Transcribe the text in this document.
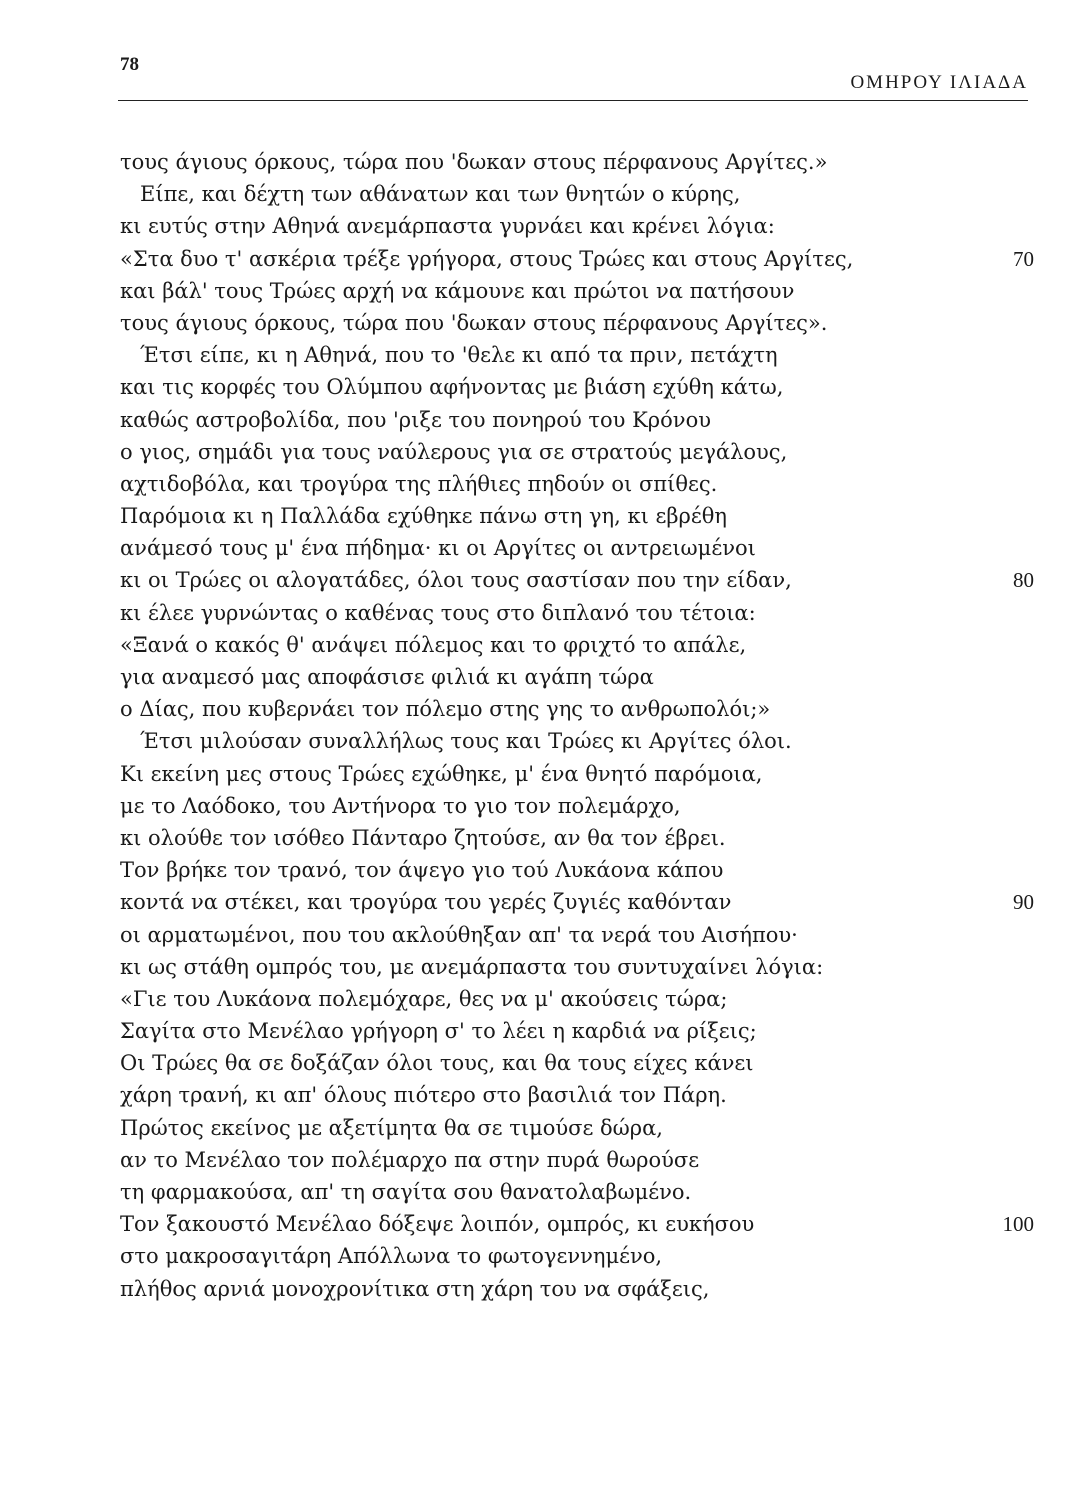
78
ΟΜΗΡΟΥ ΙΛΙΑΔΑ
τους άγιους όρκους, τώρα που 'δωκαν στους πέρφανους Αργίτες.»
Είπε, και δέχτη των αθάνατων και των θνητών ο κύρης,
κι ευτύς στην Αθηνά ανεμάρπαστα γυρνάει και κρένει λόγια:
«Στα δυο τ' ασκέρια τρέξε γρήγορα, στους Τρώες και στους Αργίτες,	70
και βάλ' τους Τρώες αρχή να κάμουνε και πρώτοι να πατήσουν
τους άγιους όρκους, τώρα που 'δωκαν στους πέρφανους Αργίτες».
Έτσι είπε, κι η Αθηνά, που το 'θελε κι από τα πριν, πετάχτη
και τις κορφές του Ολύμπου αφήνοντας με βιάση εχύθη κάτω,
καθώς αστροβολίδα, που 'ριξε του πονηρού του Κρόνου
ο γιος, σημάδι για τους ναύλερους για σε στρατούς μεγάλους,
αχτιδοβόλα, και τρογύρα της πλήθιες πηδούν οι σπίθες.
Παρόμοια κι η Παλλάδα εχύθηκε πάνω στη γη, κι εβρέθη
ανάμεσό τους μ' ένα πήδημα· κι οι Αργίτες οι αντρειωμένοι
κι οι Τρώες οι αλογατάδες, όλοι τους σαστίσαν που την είδαν,	80
κι έλεε γυρνώντας ο καθένας τους στο διπλανό του τέτοια:
«Ξανά ο κακός θ' ανάψει πόλεμος και το φριχτό το απάλε,
για αναμεσό μας αποφάσισε φιλιά κι αγάπη τώρα
ο Δίας, που κυβερνάει τον πόλεμο στης γης το ανθρωπολόι;»
Έτσι μιλούσαν συναλλήλως τους και Τρώες κι Αργίτες όλοι.
Κι εκείνη μες στους Τρώες εχώθηκε, μ' ένα θνητό παρόμοια,
με το Λαόδοκο, του Αντήνορα το γιο τον πολεμάρχο,
κι ολούθε τον ισόθεο Πάνταρο ζητούσε, αν θα τον έβρει.
Τον βρήκε τον τρανό, τον άψεγο γιο τού Λυκάονα κάπου
κοντά να στέκει, και τρογύρα του γερές ζυγιές καθόνταν	90
οι αρματωμένοι, που του ακλούθηξαν απ' τα νερά του Αισήπου·
κι ως στάθη ομπρός του, με ανεμάρπαστα του συντυχαίνει λόγια:
«Γιε του Λυκάονα πολεμόχαρε, θες να μ' ακούσεις τώρα;
Σαγίτα στο Μενέλαο γρήγορη σ' το λέει η καρδιά να ρίξεις;
Οι Τρώες θα σε δοξάζαν όλοι τους, και θα τους είχες κάνει
χάρη τρανή, κι απ' όλους πιότερο στο βασιλιά τον Πάρη.
Πρώτος εκείνος με αξετίμητα θα σε τιμούσε δώρα,
αν το Μενέλαο τον πολέμαρχο πα στην πυρά θωρούσε
τη φαρμακούσα, απ' τη σαγίτα σου θανατολαβωμένο.
Τον ξακουστό Μενέλαο δόξεψε λοιπόν, ομπρός, κι ευκήσου	100
στο μακροσαγιτάρη Απόλλωνα το φωτογεννημένο,
πλήθος αρνιά μονοχρονίτικα στη χάρη του να σφάξεις,
